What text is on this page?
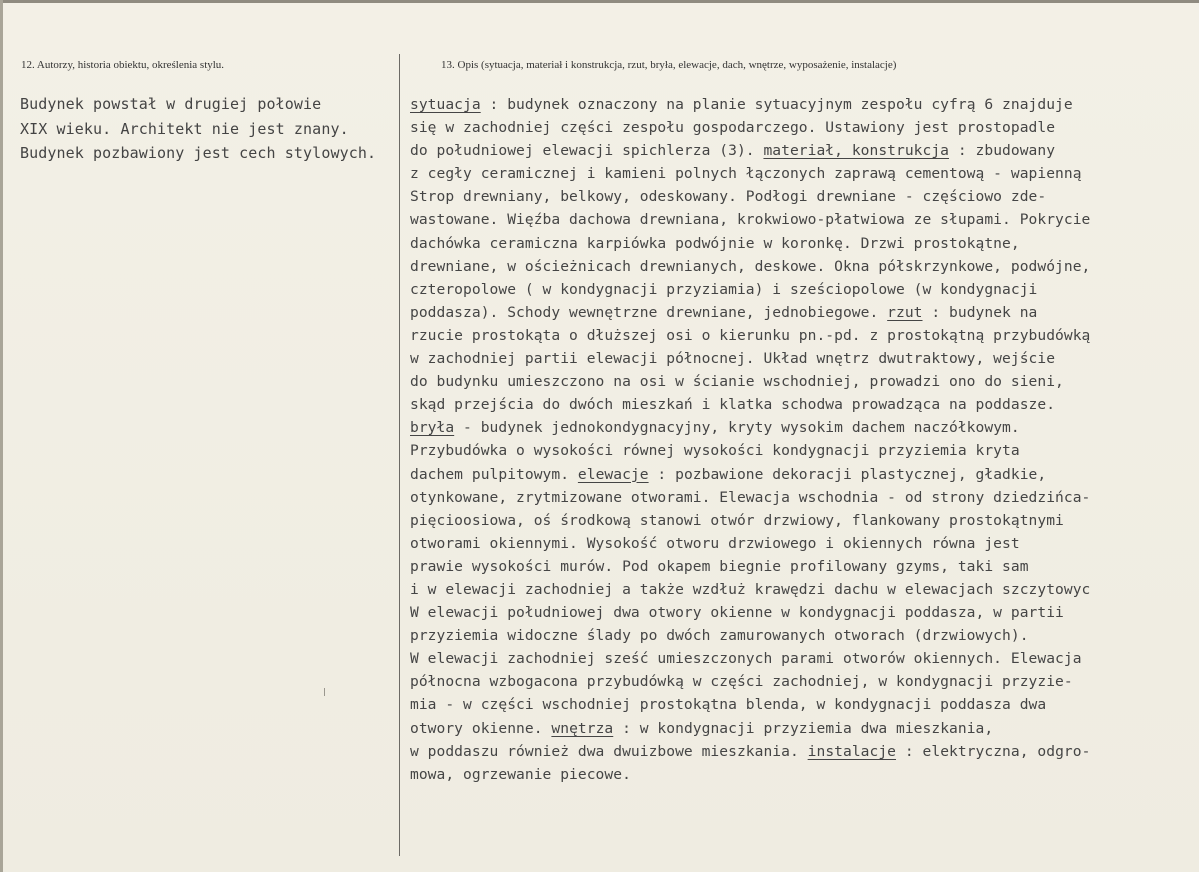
12. Autorzy, historia obiektu, określenia stylu.	13. Opis (sytuacja, materiał i konstrukcja, rzut, bryła, elewacje, dach, wnętrze, wyposażenie, instalacje)
Budynek powstał w drugiej połowie
XIX wieku. Architekt nie jest znany.
Budynek pozbawiony jest cech stylowych.
sytuacja : budynek oznaczony na planie sytuacyjnym zespołu cyfrą 6 znajduje
się w zachodniej części zespołu gospodarczego. Ustawiony jest prostopadle
do południowej elewacji spichlerza (3). materiał, konstrukcja : zbudowany
z cegły ceramicznej i kamieni polnych łączonych zaprawą cementową - wapienną
Strop drewniany, belkowy, odeskowany. Podłogi drewniane - częściowo zde-
wastowane. Więźba dachowa drewniana, krokwiowo-płatwiowa ze słupami. Pokrycie
dachówka ceramiczna karpiówka podwójnie w koronkę. Drzwi prostokątne,
drewniane, w ościeżnicach drewnianych, deskowe. Okna półskrzynkowe, podwójne,
czteropolowe ( w kondygnacji przyziamia) i sześciopolowe (w kondygnacji
poddasza). Schody wewnętrzne drewniane, jednobiegowe. rzut : budynek na
rzucie prostokąta o dłuższej osi o kierunku pn.-pd. z prostokątną przybudówką
w zachodniej partii elewacji północnej. Układ wnętrz dwutraktowy, wejście
do budynku umieszczono na osi w ścianie wschodniej, prowadzi ono do sieni,
skąd przejścia do dwóch mieszkań i klatka schodwa prowadząca na poddasze.
bryła - budynek jednokondygnacyjny, kryty wysokim dachem naczółkowym.
Przybudówka o wysokości równej wysokości kondygnacji przyziemia kryta
dachem pulpitowym. elewacje : pozbawione dekoracji plastycznej, gładkie,
otynkowane, zrytmizowane otworami. Elewacja wschodnia - od strony dziedzińca-
pięcioosiowa, oś środkową stanowi otwór drzwiowy, flankowany prostokątnymi
otworami okiennymi. Wysokość otworu drzwiowego i okiennych równa jest
prawie wysokości murów. Pod okapem biegnie profilowany gzyms, taki sam
i w elewacji zachodniej a także wzdłuż krawędzi dachu w elewacjach szczytowyc
W elewacji południowej dwa otwory okienne w kondygnacji poddasza, w partii
przyziemia widoczne ślady po dwóch zamurowanych otworach (drzwiowych).
W elewacji zachodniej sześć umieszczonych parami otworów okiennych. Elewacja
północna wzbogacona przybudówką w części zachodniej, w kondygnacji przyzie-
mia - w części wschodniej prostokątna blenda, w kondygnacji poddasza dwa
otwory okienne. wnętrza : w kondygnacji przyziemia dwa mieszkania,
w poddaszu również dwa dwuizbowe mieszkania. instalacje : elektryczna, odgro-
mowa, ogrzewanie piecowe.
